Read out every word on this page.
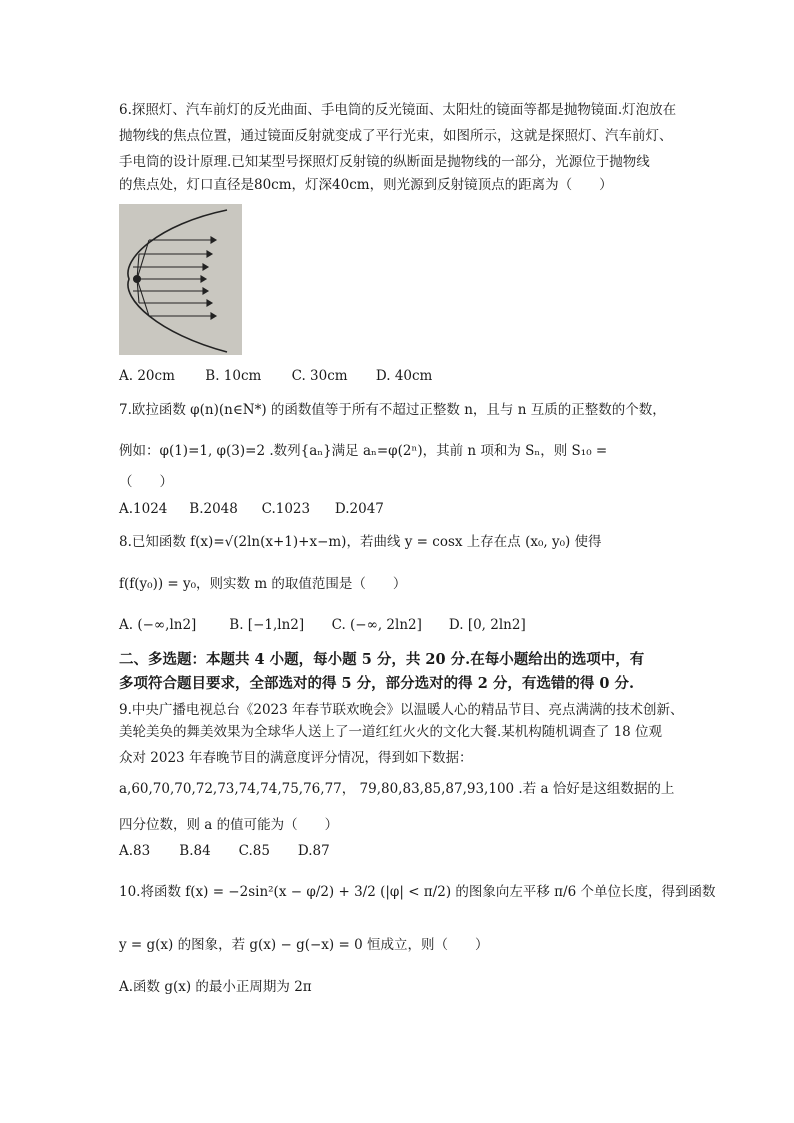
6.探照灯、汽车前灯的反光曲面、手电筒的反光镜面、太阳灶的镜面等都是抛物镜面.灯泡放在
抛物线的焦点位置，通过镜面反射就变成了平行光束，如图所示，这就是探照灯、汽车前灯、
手电筒的设计原理.已知某型号探照灯反射镜的纵断面是抛物线的一部分，光源位于抛物线
的焦点处，灯口直径是80cm，灯深40cm，则光源到反射镜顶点的距离为（　　）
A. 20cm B. 10cm C. 30cm D. 40cm
7.欧拉函数 φ(n)(n∈N*) 的函数值等于所有不超过正整数 n，且与 n 互质的正整数的个数，
例如：φ(1)=1, φ(3)=2 .数列{aₙ}满足 aₙ=φ(2ⁿ)，其前 n 项和为 Sₙ，则 S₁₀ =
（　　）
A.1024 B.2048 C.1023 D.2047
8.已知函数 f(x)=√(2ln(x+1)+x−m)，若曲线 y = cosx 上存在点 (x₀, y₀) 使得
f(f(y₀)) = y₀，则实数 m 的取值范围是（　　）
A. (−∞,ln2] B. [−1,ln2] C. (−∞, 2ln2] D. [0, 2ln2]
二、多选题：本题共 4 小题，每小题 5 分，共 20 分.在每小题给出的选项中，有
多项符合题目要求，全部选对的得 5 分，部分选对的得 2 分，有选错的得 0 分.
9.中央广播电视总台《2023 年春节联欢晚会》以温暖人心的精品节目、亮点满满的技术创新、
美轮美奂的舞美效果为全球华人送上了一道红红火火的文化大餐.某机构随机调查了 18 位观
众对 2023 年春晚节目的满意度评分情况，得到如下数据：
a,60,70,70,72,73,74,74,75,76,77， 79,80,83,85,87,93,100 .若 a 恰好是这组数据的上
四分位数，则 a 的值可能为（　　）
A.83 B.84 C.85 D.87
10.将函数 f(x) = −2sin²(x − φ/2) + 3/2 (|φ| < π/2) 的图象向左平移 π/6 个单位长度，得到函数
y = g(x) 的图象，若 g(x) − g(−x) = 0 恒成立，则（　　）
A.函数 g(x) 的最小正周期为 2π
